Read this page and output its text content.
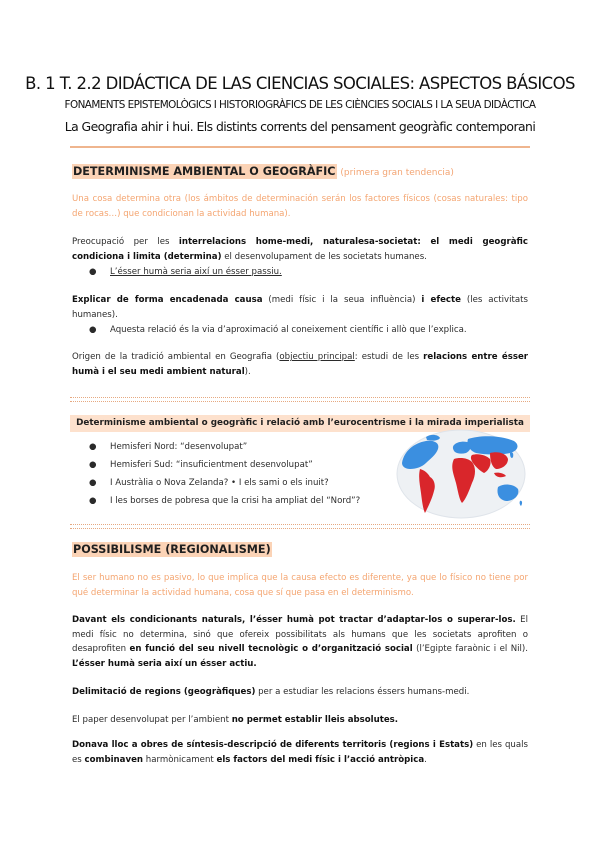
B. 1 T. 2.2 DIDÁCTICA DE LAS CIENCIAS SOCIALES: ASPECTOS BÁSICOS
FONAMENTS EPISTEMOLÒGICS I HISTORIOGRÀFICS DE LES CIÈNCIES SOCIALS I LA SEUA DIDÀCTICA
La Geografia ahir i hui. Els distints corrents del pensament geogràfic contemporani
DETERMINISME AMBIENTAL O GEOGRÀFIC (primera gran tendencia)

Una cosa determina otra (los ámbitos de determinación serán los factores físicos (cosas naturales: tipo de rocas…) que condicionan la actividad humana).

Preocupació per les interrelacions home-medi, naturalesa-societat: el medi geogràfic condiciona i limita (determina) el desenvolupament de les societats humanes.

● L’ésser humà seria així un ésser passiu.

Explicar de forma encadenada causa (medi físic i la seua influència) i efecte (les activitats humanes).

● Aquesta relació és la via d’aproximació al coneixement científic i allò que l’explica.

Origen de la tradició ambiental en Geografia (objectiu principal: estudi de les relacions entre ésser humà i el seu medi ambient natural).

Determinisme ambiental o geogràfic i relació amb l’eurocentrisme i la mirada imperialista
● Hemisferi Nord: “desenvolupat”
● Hemisferi Sud: “insuficientment desenvolupat”
● I Austràlia o Nova Zelanda? • I els sami o els inuit?
● I les borses de pobresa que la crisi ha ampliat del “Nord”?
POSSIBILISME (REGIONALISME)

El ser humano no es pasivo, lo que implica que la causa efecto es diferente, ya que lo físico no tiene por qué determinar la actividad humana, cosa que sí que pasa en el determinismo.

Davant els condicionants naturals, l’ésser humà pot tractar d’adaptar-los o superar-los. El medi físic no determina, sinó que ofereix possibilitats als humans que les societats aprofiten o desaprofiten en funció del seu nivell tecnològic o d’organització social (l’Egipte faraònic i el Nil). L’ésser humà seria així un ésser actiu.

Delimitació de regions (geogràfiques) per a estudiar les relacions éssers humans-medi.

El paper desenvolupat per l’ambient no permet establir lleis absolutes.

Donava lloc a obres de síntesis-descripció de diferents territoris (regions i Estats) en les quals es combinaven harmònicament els factors del medi físic i l’acció antròpica.
